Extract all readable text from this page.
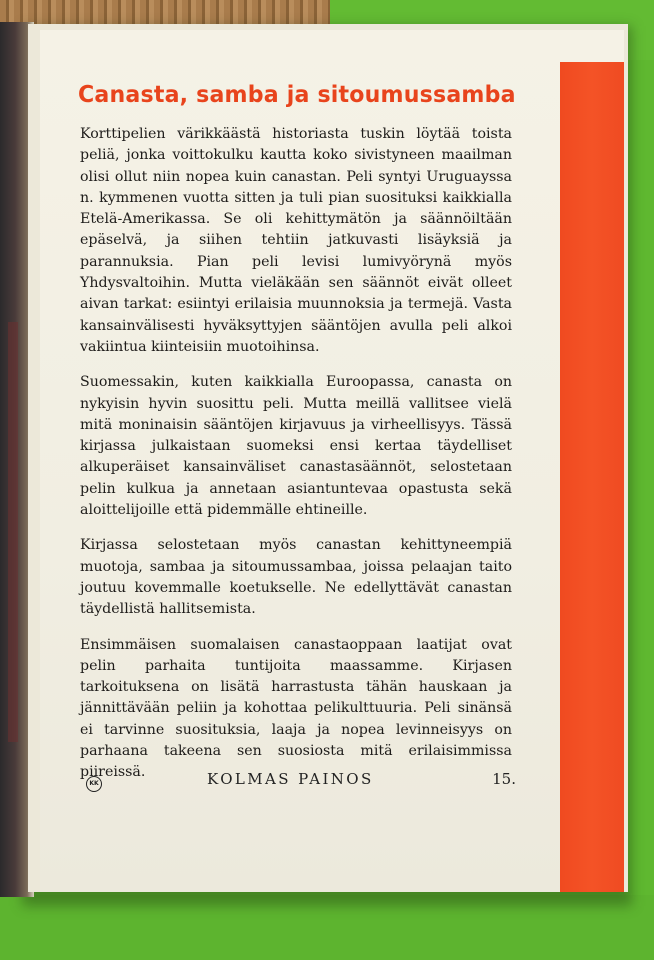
Canasta, samba ja sitoumussamba

Korttipelien värikkäästä historiasta tuskin löytää toista peliä, jonka voittokulku kautta koko sivistyneen maailman olisi ollut niin nopea kuin canastan. Peli syntyi Uruguayssa n. kymmenen vuotta sitten ja tuli pian suosituksi kaikkialla Etelä-Amerikassa. Se oli kehittymätön ja säännöiltään epäselvä, ja siihen tehtiin jatkuvasti lisäyksiä ja parannuksia. Pian peli levisi lumivyörynä myös Yhdysvaltoihin. Mutta vieläkään sen säännöt eivät olleet aivan tarkat: esiintyi erilaisia muunnoksia ja termejä. Vasta kansainvälisesti hyväksyttyjen sääntöjen avulla peli alkoi vakiintua kiinteisiin muotoihinsa.

Suomessakin, kuten kaikkialla Euroopassa, canasta on nykyisin hyvin suosittu peli. Mutta meillä vallitsee vielä mitä moninaisin sääntöjen kirjavuus ja virheellisyys. Tässä kirjassa julkaistaan suomeksi ensi kertaa täydelliset alkuperäiset kansainväliset canastasäännöt, selostetaan pelin kulkua ja annetaan asiantuntevaa opastusta sekä aloittelijoille että pidemmälle ehtineille.

Kirjassa selostetaan myös canastan kehittyneempiä muotoja, sambaa ja sitoumussambaa, joissa pelaajan taito joutuu kovemmalle koetukselle. Ne edellyttävät canastan täydellistä hallitsemista.

Ensimmäisen suomalaisen canastaoppaan laatijat ovat pelin parhaita tuntijoita maassamme. Kirjasen tarkoituksena on lisätä harrastusta tähän hauskaan ja jännittävään peliin ja kohottaa pelikulttuuria. Peli sinänsä ei tarvinne suosituksia, laaja ja nopea levinneisyys on parhaana takeena sen suosiosta mitä erilaisimmissa piireissä.

KK	KOLMAS PAINOS	15.
